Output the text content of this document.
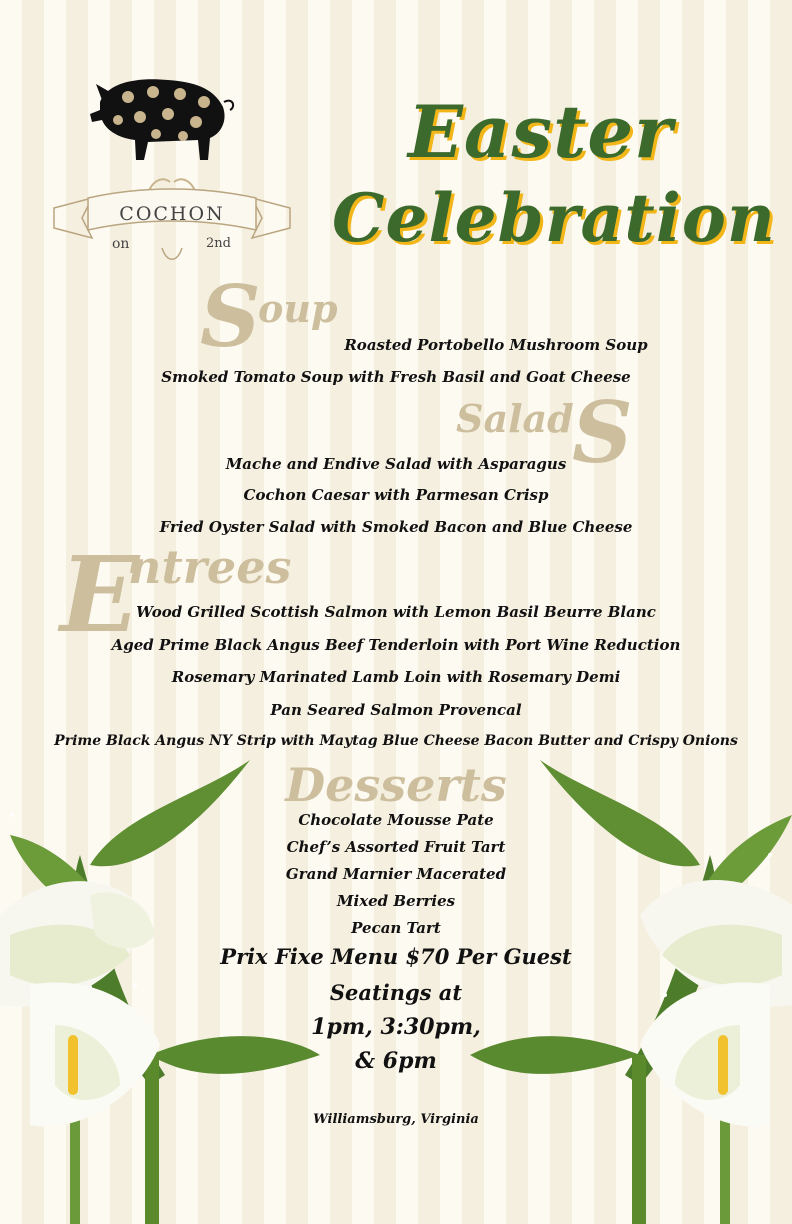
COCHON
on	2nd
Easter
Celebration
S
oup
Roasted Portobello Mushroom Soup
Smoked Tomato Soup with Fresh Basil and Goat Cheese
Salad
S
Mache and Endive Salad with Asparagus
Cochon Caesar with Parmesan Crisp
Fried Oyster Salad with Smoked Bacon and Blue Cheese
E
ntrees
Wood Grilled Scottish Salmon with Lemon Basil Beurre Blanc
Aged Prime Black Angus Beef Tenderloin with Port Wine Reduction
Rosemary Marinated Lamb Loin with Rosemary Demi
Pan Seared Salmon Provencal
Prime Black Angus NY Strip with Maytag Blue Cheese Bacon Butter and Crispy Onions
Desserts
Chocolate Mousse Pate
Chef’s Assorted Fruit Tart
Grand Marnier Macerated
Mixed Berries
Pecan Tart
Prix Fixe Menu $70 Per Guest
Seatings at
1pm, 3:30pm,
& 6pm
Williamsburg, Virginia
